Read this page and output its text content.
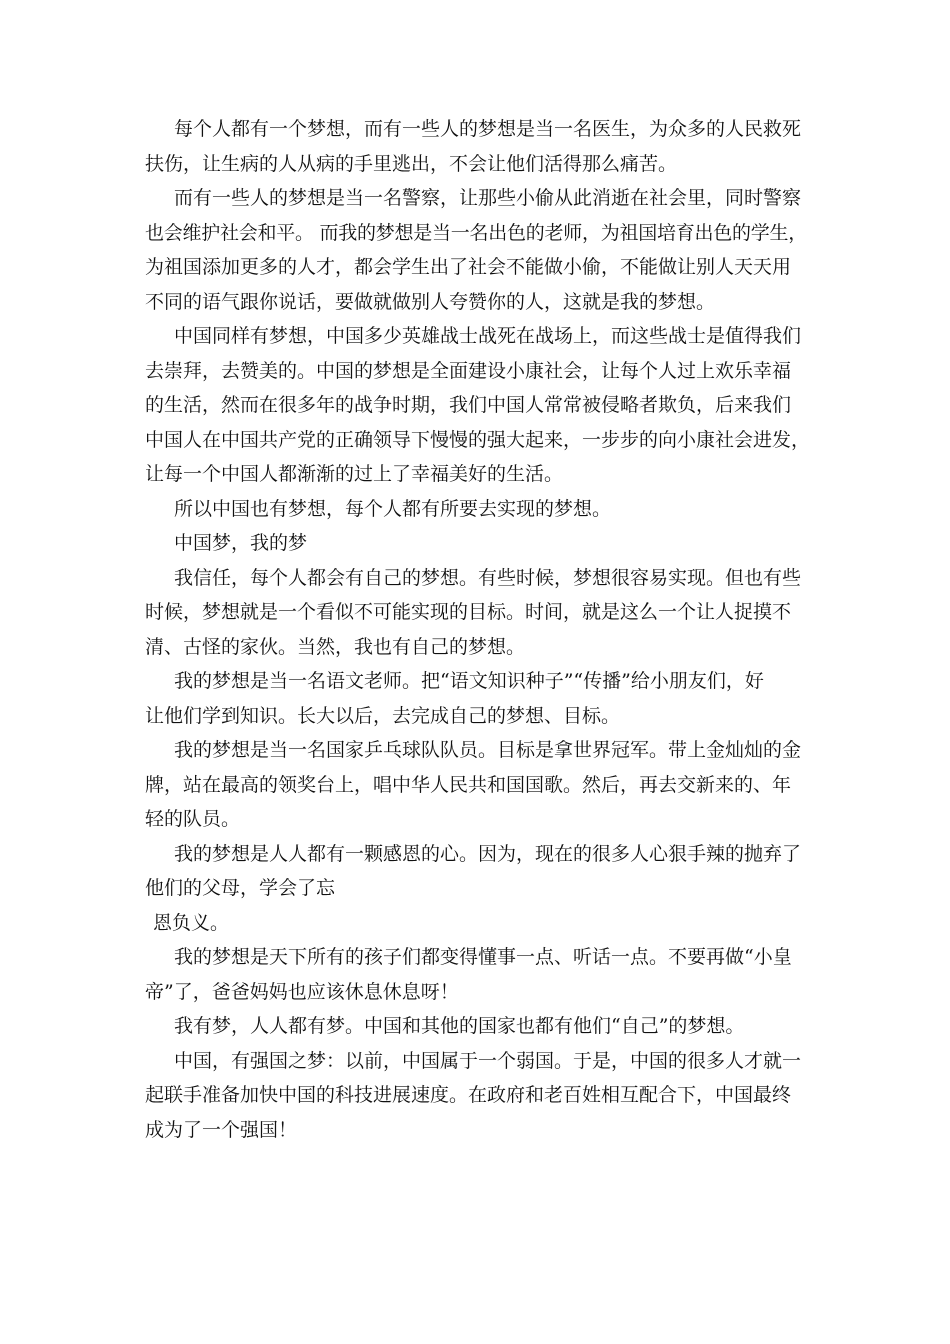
每个人都有一个梦想，而有一些人的梦想是当一名医生，为众多的人民救死
扶伤，让生病的人从病的手里逃出，不会让他们活得那么痛苦。
而有一些人的梦想是当一名警察，让那些小偷从此消逝在社会里，同时警察
也会维护社会和平。 而我的梦想是当一名出色的老师，为祖国培育出色的学生，
为祖国添加更多的人才，都会学生出了社会不能做小偷，不能做让别人天天用
不同的语气跟你说话，要做就做别人夸赞你的人，这就是我的梦想。
中国同样有梦想，中国多少英雄战士战死在战场上，而这些战士是值得我们
去崇拜，去赞美的。中国的梦想是全面建设小康社会，让每个人过上欢乐幸福
的生活，然而在很多年的战争时期，我们中国人常常被侵略者欺负，后来我们
中国人在中国共产党的正确领导下慢慢的强大起来，一步步的向小康社会进发，
让每一个中国人都渐渐的过上了幸福美好的生活。
所以中国也有梦想，每个人都有所要去实现的梦想。
中国梦，我的梦
我信任，每个人都会有自己的梦想。有些时候，梦想很容易实现。但也有些
时候，梦想就是一个看似不可能实现的目标。时间，就是这么一个让人捉摸不
清、古怪的家伙。当然，我也有自己的梦想。
我的梦想是当一名语文老师。把“语文知识种子”“传播”给小朋友们，好
让他们学到知识。长大以后，去完成自己的梦想、目标。
我的梦想是当一名国家乒乓球队队员。目标是拿世界冠军。带上金灿灿的金
牌，站在最高的领奖台上，唱中华人民共和国国歌。然后，再去交新来的、年
轻的队员。
我的梦想是人人都有一颗感恩的心。因为，现在的很多人心狠手辣的抛弃了
他们的父母，学会了忘
恩负义。
我的梦想是天下所有的孩子们都变得懂事一点、听话一点。不要再做“小皇
帝”了，爸爸妈妈也应该休息休息呀！
我有梦，人人都有梦。中国和其他的国家也都有他们“自己”的梦想。
中国，有强国之梦：以前，中国属于一个弱国。于是，中国的很多人才就一
起联手准备加快中国的科技进展速度。在政府和老百姓相互配合下，中国最终
成为了一个强国！
